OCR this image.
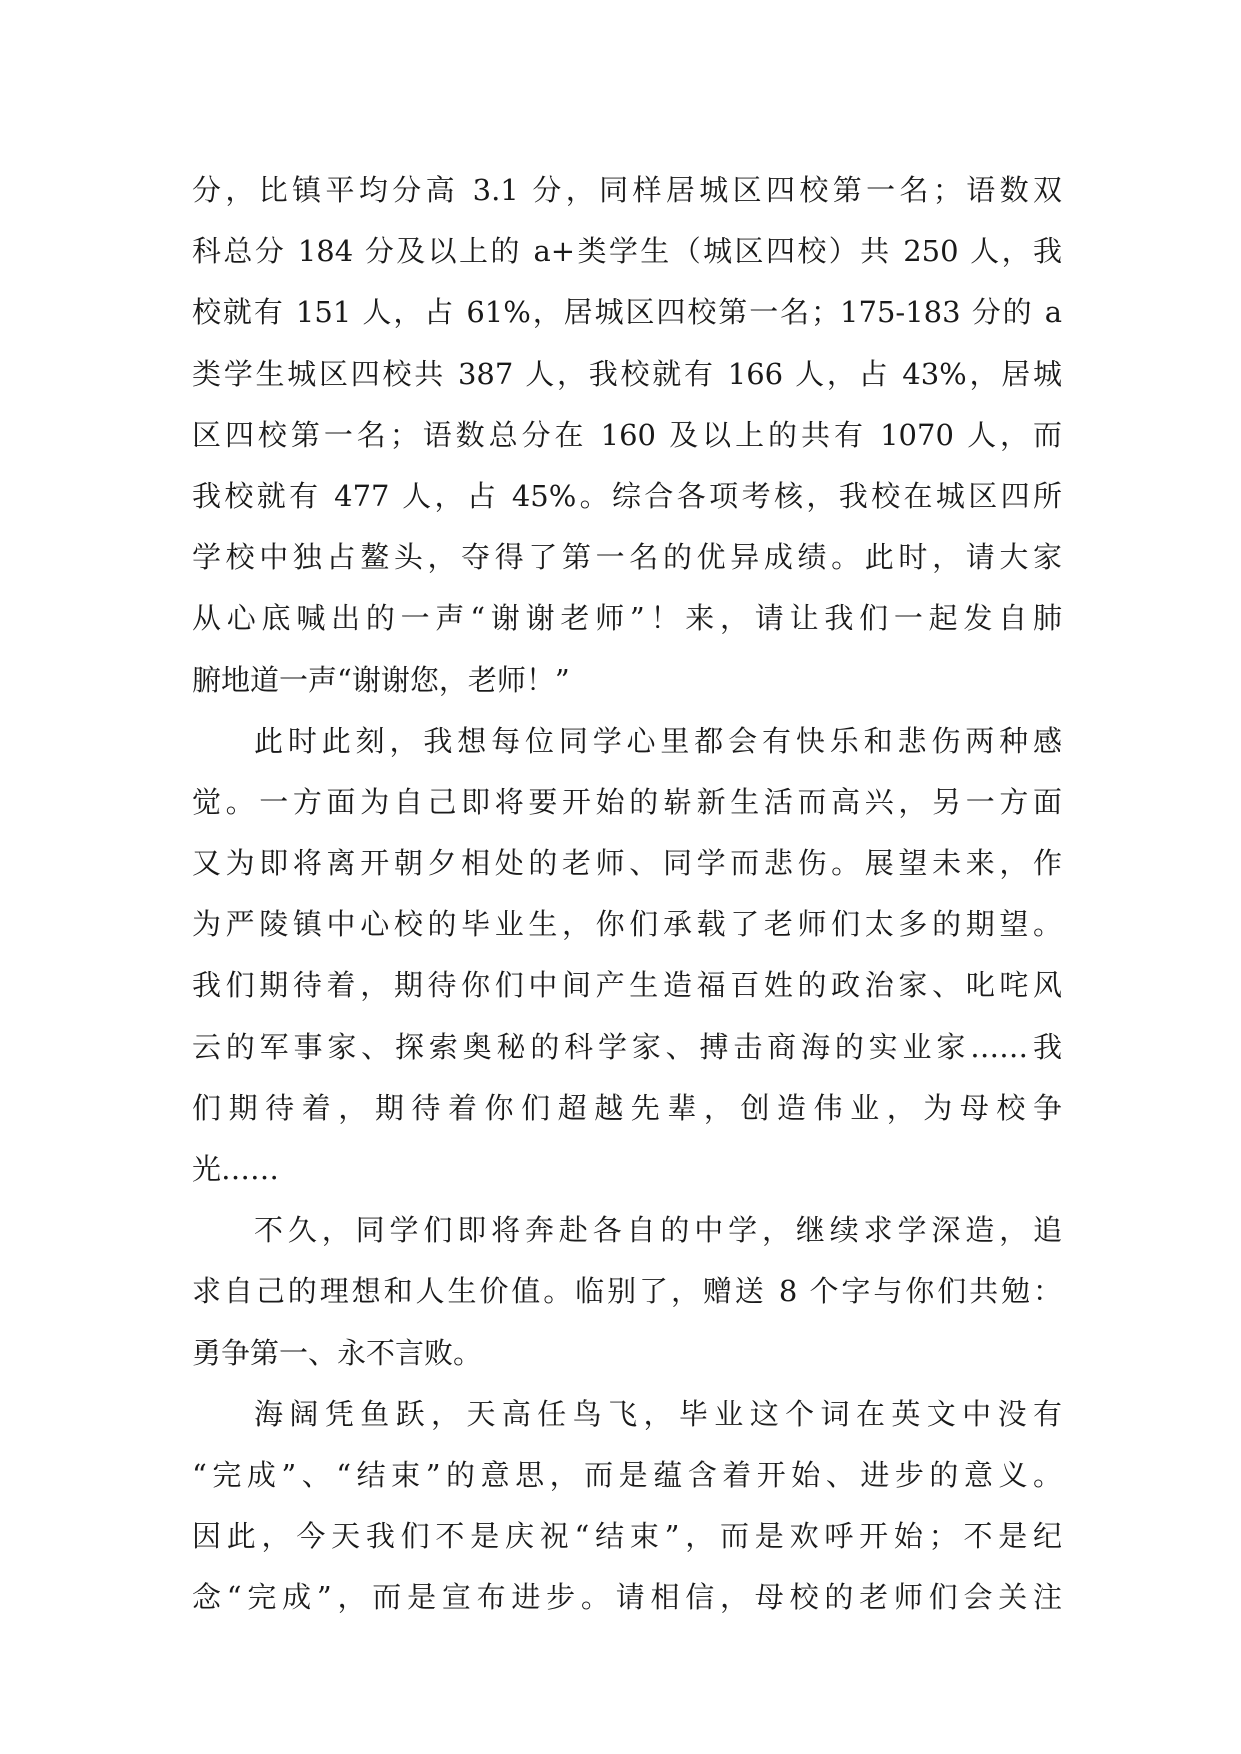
分，比镇平均分高 3.1 分，同样居城区四校第一名；语数双
科总分 184 分及以上的 a+类学生（城区四校）共 250 人，我
校就有 151 人，占 61%，居城区四校第一名；175-183 分的 a
类学生城区四校共 387 人，我校就有 166 人，占 43%，居城
区四校第一名；语数总分在 160 及以上的共有 1070 人，而
我校就有 477 人，占 45%。综合各项考核，我校在城区四所
学校中独占鳌头，夺得了第一名的优异成绩。此时，请大家
从心底喊出的一声“谢谢老师”！来，请让我们一起发自肺
腑地道一声“谢谢您，老师！”
此时此刻，我想每位同学心里都会有快乐和悲伤两种感
觉。一方面为自己即将要开始的崭新生活而高兴，另一方面
又为即将离开朝夕相处的老师、同学而悲伤。展望未来，作
为严陵镇中心校的毕业生，你们承载了老师们太多的期望。
我们期待着，期待你们中间产生造福百姓的政治家、叱咤风
云的军事家、探索奥秘的科学家、搏击商海的实业家……我
们期待着，期待着你们超越先辈，创造伟业，为母校争
光……
不久，同学们即将奔赴各自的中学，继续求学深造，追
求自己的理想和人生价值。临别了，赠送 8 个字与你们共勉：
勇争第一、永不言败。
海阔凭鱼跃，天高任鸟飞，毕业这个词在英文中没有
“完成”、“结束”的意思，而是蕴含着开始、进步的意义。
因此，今天我们不是庆祝“结束”，而是欢呼开始；不是纪
念“完成”，而是宣布进步。请相信，母校的老师们会关注
